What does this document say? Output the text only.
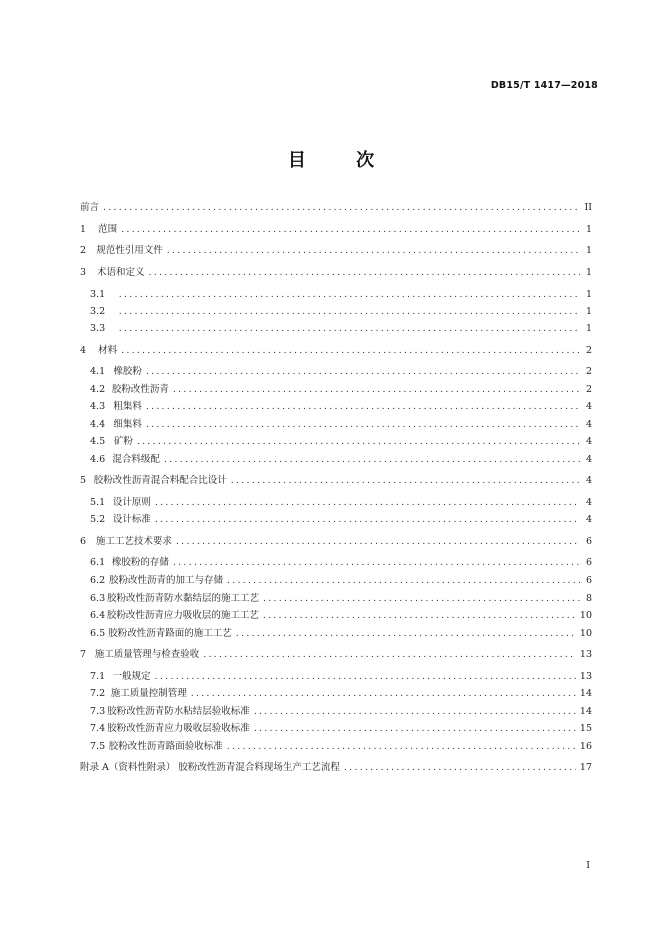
DB15/T 1417—2018
目 次
前言 . . .	II
1	范围 . . .	1
2	规范性引用文件 . . .	1
3	术语和定义 . . .	1
3.1 . . .	1
3.2 . . .	1
3.3 . . .	1
4	材料 . . .	2
4.1 橡胶粉 . . .	2
4.2 胶粉改性沥青 . . .	2
4.3 粗集料 . . .	4
4.4 细集料 . . .	4
4.5 矿粉 . . .	4
4.6 混合料级配 . . .	4
5 胶粉改性沥青混合料配合比设计 . . .	4
5.1 设计原则 . . .	4
5.2 设计标准 . . .	4
6	施工工艺技术要求 . . .	6
6.1 橡胶粉的存储 . . .	6
6.2 胶粉改性沥青的加工与存储 . . .	6
6.3 胶粉改性沥青防水黏结层的施工工艺 . . .	8
6.4 胶粉改性沥青应力吸收层的施工工艺 . . .	10
6.5 胶粉改性沥青路面的施工工艺 . . .	10
7 施工质量管理与检查验收 . . .	13
7.1 一般规定 . . .	13
7.2 施工质量控制管理 . . .	14
7.3 胶粉改性沥青防水粘结层验收标准 . . .	14
7.4 胶粉改性沥青应力吸收层验收标准 . . .	15
7.5 胶粉改性沥青路面验收标准 . . .	16
附录 A（资料性附录） 胶粉改性沥青混合料现场生产工艺流程 . . .	17
I
